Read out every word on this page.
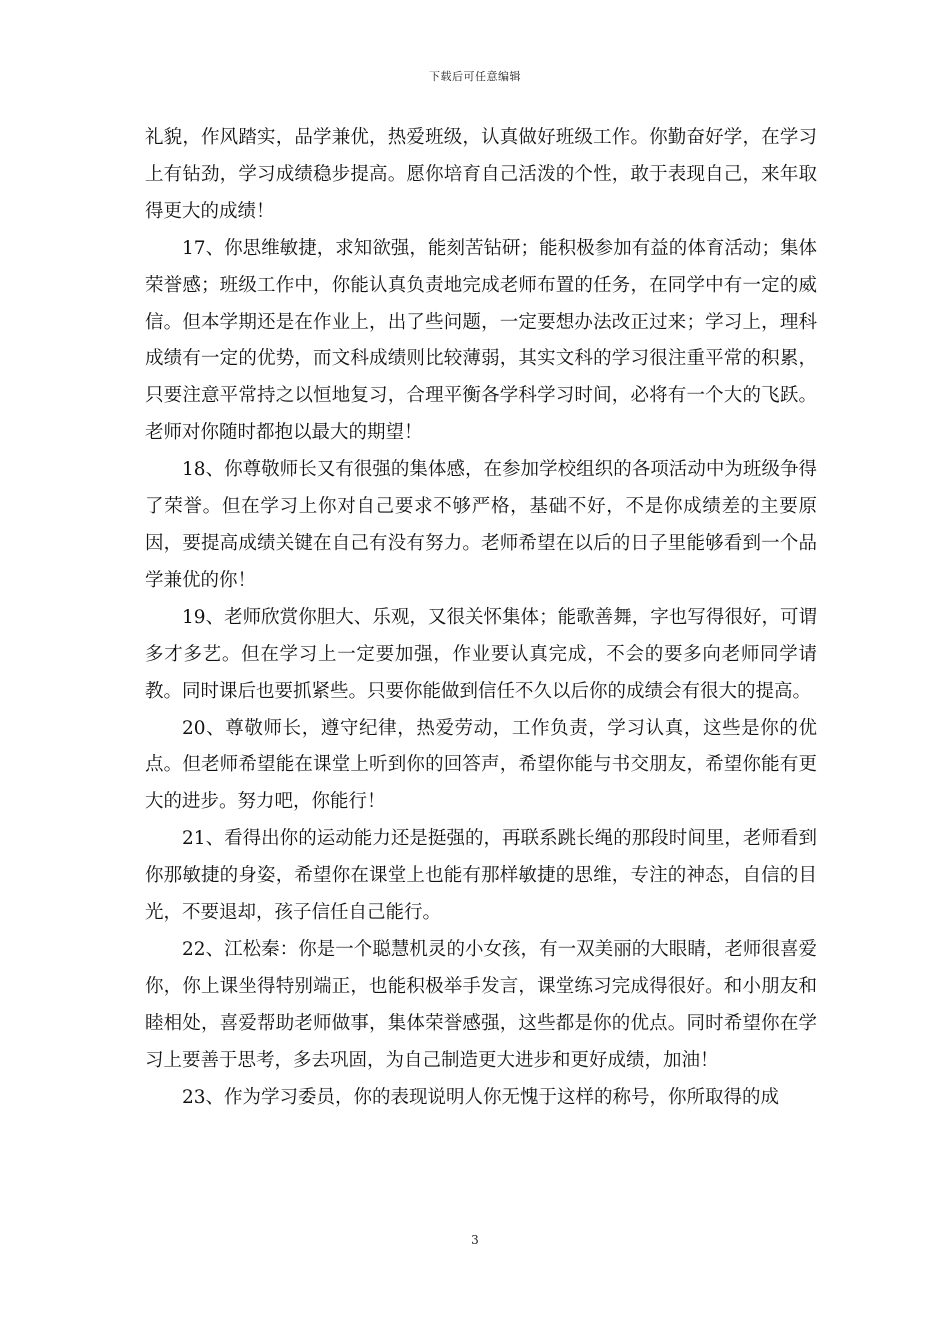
下载后可任意编辑

礼貌，作风踏实，品学兼优，热爱班级，认真做好班级工作。你勤奋好学，在学习上有钻劲，学习成绩稳步提高。愿你培育自己活泼的个性，敢于表现自己，来年取得更大的成绩！

17、你思维敏捷，求知欲强，能刻苦钻研；能积极参加有益的体育活动；集体荣誉感；班级工作中，你能认真负责地完成老师布置的任务，在同学中有一定的威信。但本学期还是在作业上，出了些问题，一定要想办法改正过来；学习上，理科成绩有一定的优势，而文科成绩则比较薄弱，其实文科的学习很注重平常的积累，只要注意平常持之以恒地复习，合理平衡各学科学习时间，必将有一个大的飞跃。老师对你随时都抱以最大的期望！

18、你尊敬师长又有很强的集体感，在参加学校组织的各项活动中为班级争得了荣誉。但在学习上你对自己要求不够严格，基础不好，不是你成绩差的主要原因，要提高成绩关键在自己有没有努力。老师希望在以后的日子里能够看到一个品学兼优的你！

19、老师欣赏你胆大、乐观，又很关怀集体；能歌善舞，字也写得很好，可谓多才多艺。但在学习上一定要加强，作业要认真完成，不会的要多向老师同学请教。同时课后也要抓紧些。只要你能做到信任不久以后你的成绩会有很大的提高。

20、尊敬师长，遵守纪律，热爱劳动，工作负责，学习认真，这些是你的优点。但老师希望能在课堂上听到你的回答声，希望你能与书交朋友，希望你能有更大的进步。努力吧，你能行！

21、看得出你的运动能力还是挺强的，再联系跳长绳的那段时间里，老师看到你那敏捷的身姿，希望你在课堂上也能有那样敏捷的思维，专注的神态，自信的目光，不要退却，孩子信任自己能行。

22、江松秦：你是一个聪慧机灵的小女孩，有一双美丽的大眼睛，老师很喜爱你，你上课坐得特别端正，也能积极举手发言，课堂练习完成得很好。和小朋友和睦相处，喜爱帮助老师做事，集体荣誉感强，这些都是你的优点。同时希望你在学习上要善于思考，多去巩固，为自己制造更大进步和更好成绩，加油！

23、作为学习委员，你的表现说明人你无愧于这样的称号，你所取得的成

3
